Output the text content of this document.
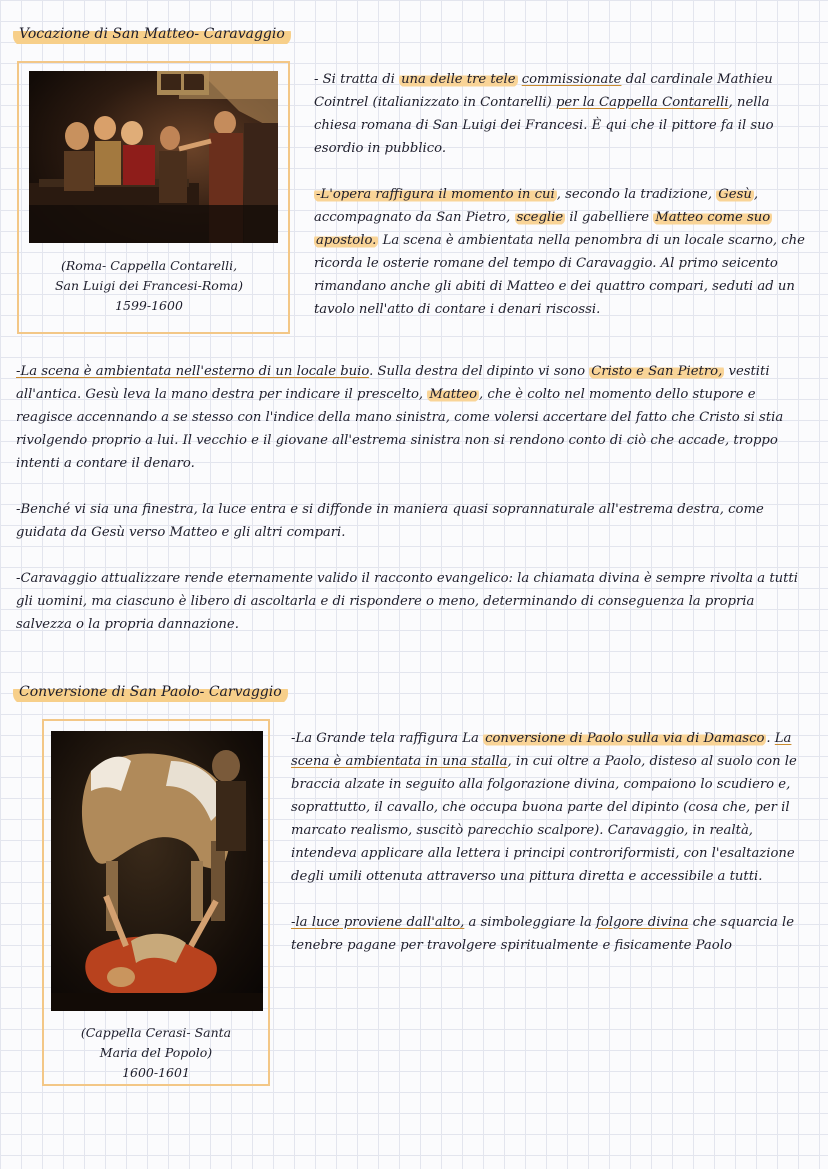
Vocazione di San Matteo- Caravaggio
(Roma- Cappella Contarelli,
San Luigi dei Francesi-Roma)
1599-1600

- Si tratta di una delle tre tele commissionate dal cardinale Mathieu Cointrel (italianizzato in Contarelli) per la Cappella Contarelli, nella chiesa romana di San Luigi dei Francesi. È qui che il pittore fa il suo esordio in pubblico.

-L'opera raffigura il momento in cui , secondo la tradizione, Gesù , accompagnato da San Pietro, sceglie il gabelliere Matteo come suo apostolo. La scena è ambientata nella penombra di un locale scarno, che ricorda le osterie romane del tempo di Caravaggio. Al primo seicento rimandano anche gli abiti di Matteo e dei quattro compari, seduti ad un tavolo nell'atto di contare i denari riscossi.

-La scena è ambientata nell'esterno di un locale buio. Sulla destra del dipinto vi sono Cristo e San Pietro, vestiti all'antica. Gesù leva la mano destra per indicare il prescelto, Matteo , che è colto nel momento dello stupore e reagisce accennando a se stesso con l'indice della mano sinistra, come volersi accertare del fatto che Cristo si stia rivolgendo proprio a lui. Il vecchio e il giovane all'estrema sinistra non si rendono conto di ciò che accade, troppo intenti a contare il denaro.

-Benché vi sia una finestra, la luce entra e si diffonde in maniera quasi soprannaturale all'estrema destra, come guidata da Gesù verso Matteo e gli altri compari.

-Caravaggio attualizzare rende eternamente valido il racconto evangelico: la chiamata divina è sempre rivolta a tutti gli uomini, ma ciascuno è libero di ascoltarla e di rispondere o meno, determinando di conseguenza la propria salvezza o la propria dannazione.

Conversione di San Paolo- Carvaggio
(Cappella Cerasi- Santa
Maria del Popolo)
1600-1601

-La Grande tela raffigura La conversione di Paolo sulla via di Damasco . La scena è ambientata in una stalla, in cui oltre a Paolo, disteso al suolo con le braccia alzate in seguito alla folgorazione divina, compaiono lo scudiero e, soprattutto, il cavallo, che occupa buona parte del dipinto (cosa che, per il marcato realismo, suscitò parecchio scalpore). Caravaggio, in realtà, intendeva applicare alla lettera i principi controriformisti, con l'esaltazione degli umili ottenuta attraverso una pittura diretta e accessibile a tutti.

-la luce proviene dall'alto, a simboleggiare la folgore divina che squarcia le tenebre pagane per travolgere spiritualmente e fisicamente Paolo
